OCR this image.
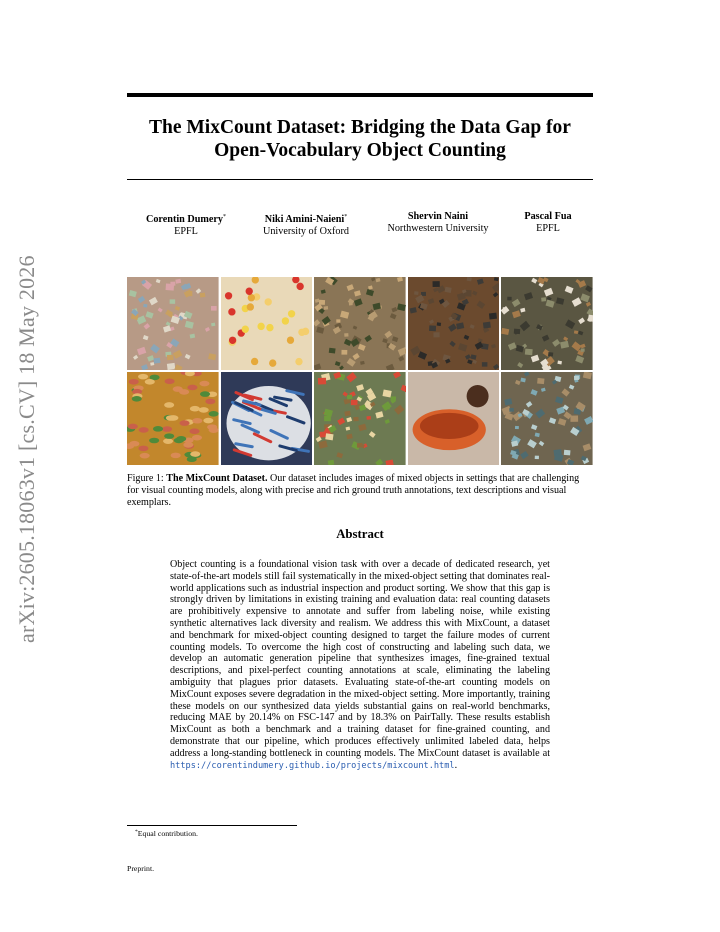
arXiv:2605.18063v1 [cs.CV] 18 May 2026
The MixCount Dataset: Bridging the Data Gap for Open-Vocabulary Object Counting
Corentin Dumery*
EPFL
Niki Amini-Naieni*
University of Oxford
Shervin Naini
Northwestern University
Pascal Fua
EPFL
Figure 1: The MixCount Dataset. Our dataset includes images of mixed objects in settings that are challenging for visual counting models, along with precise and rich ground truth annotations, text descriptions and visual exemplars.
Abstract
Object counting is a foundational vision task with over a decade of dedicated research, yet state-of-the-art models still fail systematically in the mixed-object setting that dominates real-world applications such as industrial inspection and product sorting. We show that this gap is strongly driven by limitations in existing training and evaluation data: real counting datasets are prohibitively expensive to annotate and suffer from labeling noise, while existing synthetic alternatives lack diversity and realism. We address this with MixCount, a dataset and benchmark for mixed-object counting designed to target the failure modes of current counting models. To overcome the high cost of constructing and labeling such data, we develop an automatic generation pipeline that synthesizes images, fine-grained textual descriptions, and pixel-perfect counting annotations at scale, eliminating the labeling ambiguity that plagues prior datasets. Evaluating state-of-the-art counting models on MixCount exposes severe degradation in the mixed-object setting. More importantly, training these models on our synthesized data yields substantial gains on real-world benchmarks, reducing MAE by 20.14% on FSC-147 and by 18.3% on PairTally. These results establish MixCount as both a benchmark and a training dataset for fine-grained counting, and demonstrate that our pipeline, which produces effectively unlimited labeled data, helps address a long-standing bottleneck in counting models. The MixCount dataset is available at https://corentindumery.github.io/projects/mixcount.html.
*Equal contribution.
Preprint.
